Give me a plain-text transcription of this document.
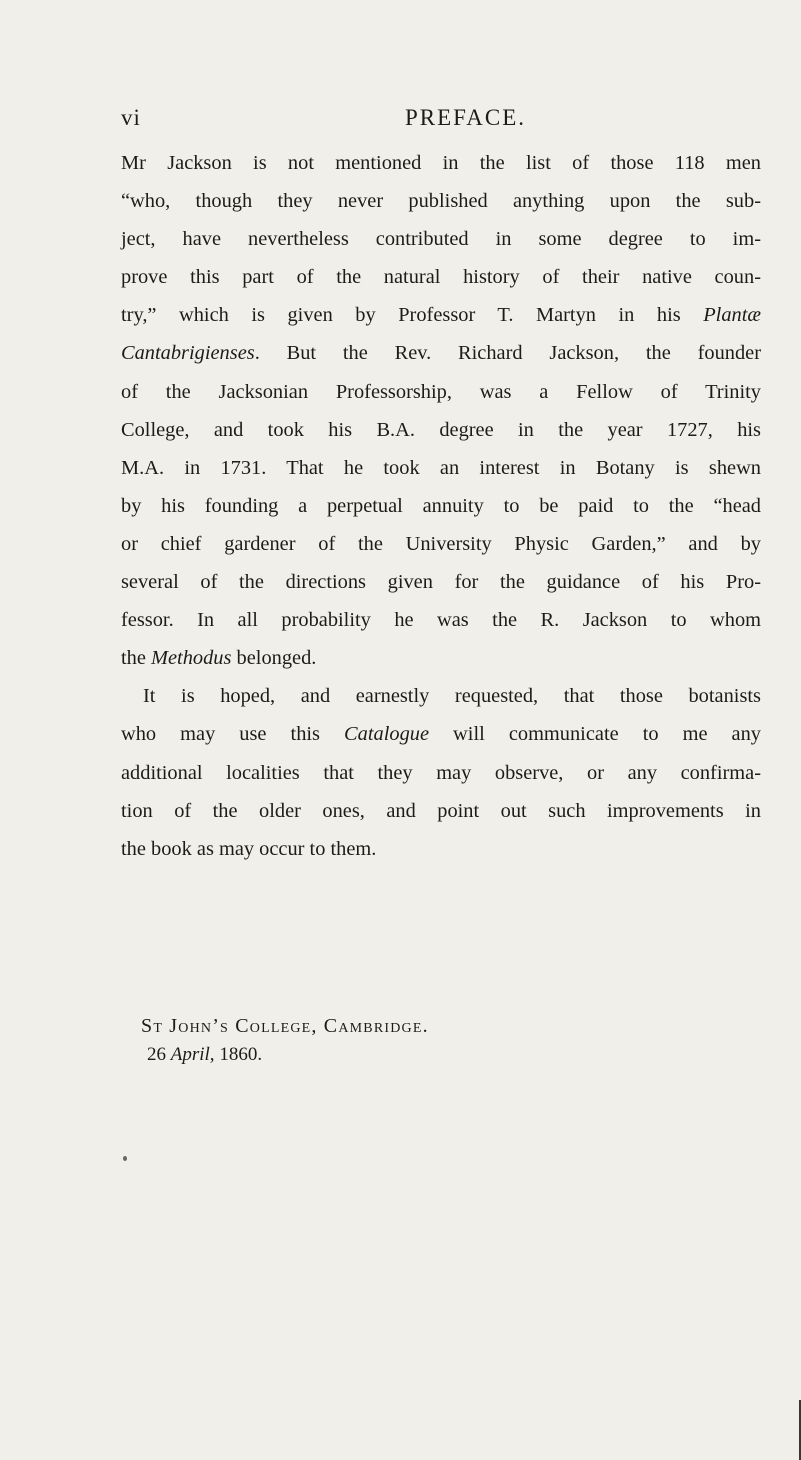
vi	PREFACE.
Mr Jackson is not mentioned in the list of those 118 men
“who, though they never published anything upon the sub-
ject, have nevertheless contributed in some degree to im-
prove this part of the natural history of their native coun-
try,” which is given by Professor T. Martyn in his Plantæ
Cantabrigienses. But the Rev. Richard Jackson, the founder
of the Jacksonian Professorship, was a Fellow of Trinity
College, and took his B.A. degree in the year 1727, his
M.A. in 1731. That he took an interest in Botany is shewn
by his founding a perpetual annuity to be paid to the “head
or chief gardener of the University Physic Garden,” and by
several of the directions given for the guidance of his Pro-
fessor. In all probability he was the R. Jackson to whom
the Methodus belonged.
It is hoped, and earnestly requested, that those botanists
who may use this Catalogue will communicate to me any
additional localities that they may observe, or any confirma-
tion of the older ones, and point out such improvements in
the book as may occur to them.
St John’s College, Cambridge.
26 April, 1860.
